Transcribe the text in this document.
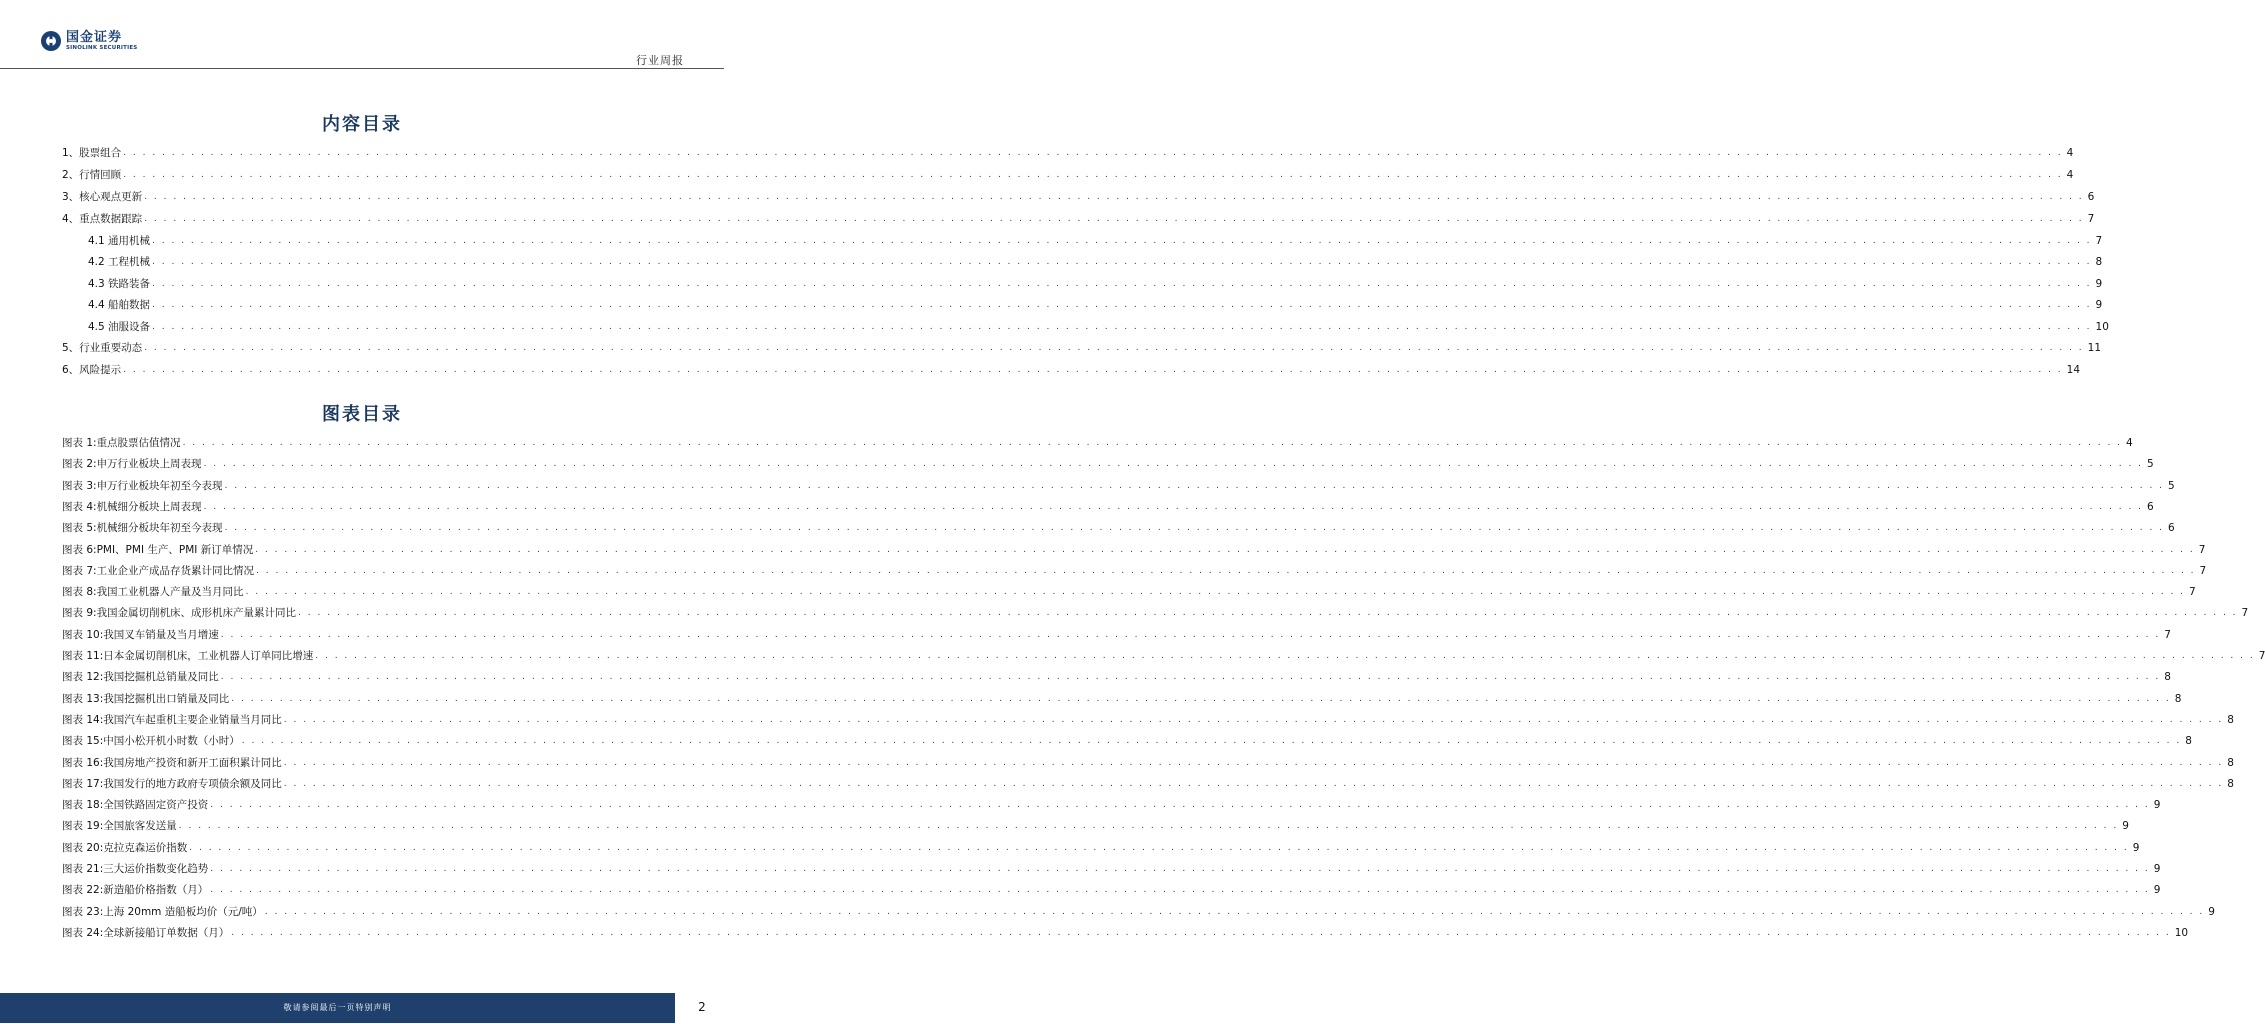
国金证券
SINOLINK SECURITIES
行业周报
内容目录
1、股票组合 . . . . . . . . . . . . . . . . . . . . . . . . . . . . . . . . . . . . . . . . . . . . . . . . . . . . . . . . . . . . . . . . . . . . . . . . . . . . . . . . . . . . . . . . . . . . . . . . . . . . . . . . . . . . . . . . . . . . . . . . . . . . . . . . . . . . . . . . . . . . . . . . . . . . . . . . . . . . . . . . . . . . . . . . . . . . . . . . . . . . . . . . . . . . . . . . . . . . . . . . 4
2、行情回顾 . . . . . . . . . . . . . . . . . . . . . . . . . . . . . . . . . . . . . . . . . . . . . . . . . . . . . . . . . . . . . . . . . . . . . . . . . . . . . . . . . . . . . . . . . . . . . . . . . . . . . . . . . . . . . . . . . . . . . . . . . . . . . . . . . . . . . . . . . . . . . . . . . . . . . . . . . . . . . . . . . . . . . . . . . . . . . . . . . . . . . . . . . . . . . . . . . . . . . . . . 4
3、核心观点更新 . . . . . . . . . . . . . . . . . . . . . . . . . . . . . . . . . . . . . . . . . . . . . . . . . . . . . . . . . . . . . . . . . . . . . . . . . . . . . . . . . . . . . . . . . . . . . . . . . . . . . . . . . . . . . . . . . . . . . . . . . . . . . . . . . . . . . . . . . . . . . . . . . . . . . . . . . . . . . . . . . . . . . . . . . . . . . . . . . . . . . . . . . . . . . . . . . . . . . . . . 6
4、重点数据跟踪 . . . . . . . . . . . . . . . . . . . . . . . . . . . . . . . . . . . . . . . . . . . . . . . . . . . . . . . . . . . . . . . . . . . . . . . . . . . . . . . . . . . . . . . . . . . . . . . . . . . . . . . . . . . . . . . . . . . . . . . . . . . . . . . . . . . . . . . . . . . . . . . . . . . . . . . . . . . . . . . . . . . . . . . . . . . . . . . . . . . . . . . . . . . . . . . . . . . . . . . . 7
4.1 通用机械 . . . . . . . . . . . . . . . . . . . . . . . . . . . . . . . . . . . . . . . . . . . . . . . . . . . . . . . . . . . . . . . . . . . . . . . . . . . . . . . . . . . . . . . . . . . . . . . . . . . . . . . . . . . . . . . . . . . . . . . . . . . . . . . . . . . . . . . . . . . . . . . . . . . . . . . . . . . . . . . . . . . . . . . . . . . . . . . . . . . . . . . . . . . . . . . . . . . . . . . . 7
4.2 工程机械 . . . . . . . . . . . . . . . . . . . . . . . . . . . . . . . . . . . . . . . . . . . . . . . . . . . . . . . . . . . . . . . . . . . . . . . . . . . . . . . . . . . . . . . . . . . . . . . . . . . . . . . . . . . . . . . . . . . . . . . . . . . . . . . . . . . . . . . . . . . . . . . . . . . . . . . . . . . . . . . . . . . . . . . . . . . . . . . . . . . . . . . . . . . . . . . . . . . . . . . . 8
4.3 铁路装备 . . . . . . . . . . . . . . . . . . . . . . . . . . . . . . . . . . . . . . . . . . . . . . . . . . . . . . . . . . . . . . . . . . . . . . . . . . . . . . . . . . . . . . . . . . . . . . . . . . . . . . . . . . . . . . . . . . . . . . . . . . . . . . . . . . . . . . . . . . . . . . . . . . . . . . . . . . . . . . . . . . . . . . . . . . . . . . . . . . . . . . . . . . . . . . . . . . . . . . . . 9
4.4 船舶数据 . . . . . . . . . . . . . . . . . . . . . . . . . . . . . . . . . . . . . . . . . . . . . . . . . . . . . . . . . . . . . . . . . . . . . . . . . . . . . . . . . . . . . . . . . . . . . . . . . . . . . . . . . . . . . . . . . . . . . . . . . . . . . . . . . . . . . . . . . . . . . . . . . . . . . . . . . . . . . . . . . . . . . . . . . . . . . . . . . . . . . . . . . . . . . . . . . . . . . . . . 9
4.5 油服设备 . . . . . . . . . . . . . . . . . . . . . . . . . . . . . . . . . . . . . . . . . . . . . . . . . . . . . . . . . . . . . . . . . . . . . . . . . . . . . . . . . . . . . . . . . . . . . . . . . . . . . . . . . . . . . . . . . . . . . . . . . . . . . . . . . . . . . . . . . . . . . . . . . . . . . . . . . . . . . . . . . . . . . . . . . . . . . . . . . . . . . . . . . . . . . . . . . . . . . . . . 10
5、行业重要动态 . . . . . . . . . . . . . . . . . . . . . . . . . . . . . . . . . . . . . . . . . . . . . . . . . . . . . . . . . . . . . . . . . . . . . . . . . . . . . . . . . . . . . . . . . . . . . . . . . . . . . . . . . . . . . . . . . . . . . . . . . . . . . . . . . . . . . . . . . . . . . . . . . . . . . . . . . . . . . . . . . . . . . . . . . . . . . . . . . . . . . . . . . . . . . . . . . . . . . . . . 11
6、风险提示 . . . . . . . . . . . . . . . . . . . . . . . . . . . . . . . . . . . . . . . . . . . . . . . . . . . . . . . . . . . . . . . . . . . . . . . . . . . . . . . . . . . . . . . . . . . . . . . . . . . . . . . . . . . . . . . . . . . . . . . . . . . . . . . . . . . . . . . . . . . . . . . . . . . . . . . . . . . . . . . . . . . . . . . . . . . . . . . . . . . . . . . . . . . . . . . . . . . . . . . . 14
图表目录
图表 1: 重点股票估值情况 . . . . . . . . . . . . . . . . . . . . . . . . . . . . . . . . . . . . . . . . . . . . . . . . . . . . . . . . . . . . . . . . . . . . . . . . . . . . . . . . . . . . . . . . . . . . . . . . . . . . . . . . . . . . . . . . . . . . . . . . . . . . . . . . . . . . . . . . . . . . . . . . . . . . . . . . . . . . . . . . . . . . . . . . . . . . . . . . . . . . . . . . . . . . . . . . . . . . . . . . 4
图表 2: 申万行业板块上周表现 . . . . . . . . . . . . . . . . . . . . . . . . . . . . . . . . . . . . . . . . . . . . . . . . . . . . . . . . . . . . . . . . . . . . . . . . . . . . . . . . . . . . . . . . . . . . . . . . . . . . . . . . . . . . . . . . . . . . . . . . . . . . . . . . . . . . . . . . . . . . . . . . . . . . . . . . . . . . . . . . . . . . . . . . . . . . . . . . . . . . . . . . . . . . . . . . . . . . . . . . 5
图表 3: 申万行业板块年初至今表现 . . . . . . . . . . . . . . . . . . . . . . . . . . . . . . . . . . . . . . . . . . . . . . . . . . . . . . . . . . . . . . . . . . . . . . . . . . . . . . . . . . . . . . . . . . . . . . . . . . . . . . . . . . . . . . . . . . . . . . . . . . . . . . . . . . . . . . . . . . . . . . . . . . . . . . . . . . . . . . . . . . . . . . . . . . . . . . . . . . . . . . . . . . . . . . . . . . . . . . . . 5
图表 4: 机械细分板块上周表现 . . . . . . . . . . . . . . . . . . . . . . . . . . . . . . . . . . . . . . . . . . . . . . . . . . . . . . . . . . . . . . . . . . . . . . . . . . . . . . . . . . . . . . . . . . . . . . . . . . . . . . . . . . . . . . . . . . . . . . . . . . . . . . . . . . . . . . . . . . . . . . . . . . . . . . . . . . . . . . . . . . . . . . . . . . . . . . . . . . . . . . . . . . . . . . . . . . . . . . . . 6
图表 5: 机械细分板块年初至今表现 . . . . . . . . . . . . . . . . . . . . . . . . . . . . . . . . . . . . . . . . . . . . . . . . . . . . . . . . . . . . . . . . . . . . . . . . . . . . . . . . . . . . . . . . . . . . . . . . . . . . . . . . . . . . . . . . . . . . . . . . . . . . . . . . . . . . . . . . . . . . . . . . . . . . . . . . . . . . . . . . . . . . . . . . . . . . . . . . . . . . . . . . . . . . . . . . . . . . . . . . 6
图表 6: PMI、PMI 生产、PMI 新订单情况 . . . . . . . . . . . . . . . . . . . . . . . . . . . . . . . . . . . . . . . . . . . . . . . . . . . . . . . . . . . . . . . . . . . . . . . . . . . . . . . . . . . . . . . . . . . . . . . . . . . . . . . . . . . . . . . . . . . . . . . . . . . . . . . . . . . . . . . . . . . . . . . . . . . . . . . . . . . . . . . . . . . . . . . . . . . . . . . . . . . . . . . . . . . . . . . . . . . . . . . . 7
图表 7: 工业企业产成品存货累计同比情况 . . . . . . . . . . . . . . . . . . . . . . . . . . . . . . . . . . . . . . . . . . . . . . . . . . . . . . . . . . . . . . . . . . . . . . . . . . . . . . . . . . . . . . . . . . . . . . . . . . . . . . . . . . . . . . . . . . . . . . . . . . . . . . . . . . . . . . . . . . . . . . . . . . . . . . . . . . . . . . . . . . . . . . . . . . . . . . . . . . . . . . . . . . . . . . . . . . . . . . . . 7
图表 8: 我国工业机器人产量及当月同比 . . . . . . . . . . . . . . . . . . . . . . . . . . . . . . . . . . . . . . . . . . . . . . . . . . . . . . . . . . . . . . . . . . . . . . . . . . . . . . . . . . . . . . . . . . . . . . . . . . . . . . . . . . . . . . . . . . . . . . . . . . . . . . . . . . . . . . . . . . . . . . . . . . . . . . . . . . . . . . . . . . . . . . . . . . . . . . . . . . . . . . . . . . . . . . . . . . . . . . . . 7
图表 9: 我国金属切削机床、成形机床产量累计同比 . . . . . . . . . . . . . . . . . . . . . . . . . . . . . . . . . . . . . . . . . . . . . . . . . . . . . . . . . . . . . . . . . . . . . . . . . . . . . . . . . . . . . . . . . . . . . . . . . . . . . . . . . . . . . . . . . . . . . . . . . . . . . . . . . . . . . . . . . . . . . . . . . . . . . . . . . . . . . . . . . . . . . . . . . . . . . . . . . . . . . . . . . . . . . . . . . . . . . . . . 7
图表 10: 我国叉车销量及当月增速 . . . . . . . . . . . . . . . . . . . . . . . . . . . . . . . . . . . . . . . . . . . . . . . . . . . . . . . . . . . . . . . . . . . . . . . . . . . . . . . . . . . . . . . . . . . . . . . . . . . . . . . . . . . . . . . . . . . . . . . . . . . . . . . . . . . . . . . . . . . . . . . . . . . . . . . . . . . . . . . . . . . . . . . . . . . . . . . . . . . . . . . . . . . . . . . . . . . . . . . . 7
图表 11: 日本金属切削机床，工业机器人订单同比增速 . . . . . . . . . . . . . . . . . . . . . . . . . . . . . . . . . . . . . . . . . . . . . . . . . . . . . . . . . . . . . . . . . . . . . . . . . . . . . . . . . . . . . . . . . . . . . . . . . . . . . . . . . . . . . . . . . . . . . . . . . . . . . . . . . . . . . . . . . . . . . . . . . . . . . . . . . . . . . . . . . . . . . . . . . . . . . . . . . . . . . . . . . . . . . . . . . . . . . . . . 7
图表 12: 我国挖掘机总销量及同比 . . . . . . . . . . . . . . . . . . . . . . . . . . . . . . . . . . . . . . . . . . . . . . . . . . . . . . . . . . . . . . . . . . . . . . . . . . . . . . . . . . . . . . . . . . . . . . . . . . . . . . . . . . . . . . . . . . . . . . . . . . . . . . . . . . . . . . . . . . . . . . . . . . . . . . . . . . . . . . . . . . . . . . . . . . . . . . . . . . . . . . . . . . . . . . . . . . . . . . . . 8
图表 13: 我国挖掘机出口销量及同比 . . . . . . . . . . . . . . . . . . . . . . . . . . . . . . . . . . . . . . . . . . . . . . . . . . . . . . . . . . . . . . . . . . . . . . . . . . . . . . . . . . . . . . . . . . . . . . . . . . . . . . . . . . . . . . . . . . . . . . . . . . . . . . . . . . . . . . . . . . . . . . . . . . . . . . . . . . . . . . . . . . . . . . . . . . . . . . . . . . . . . . . . . . . . . . . . . . . . . . . . 8
图表 14: 我国汽车起重机主要企业销量当月同比 . . . . . . . . . . . . . . . . . . . . . . . . . . . . . . . . . . . . . . . . . . . . . . . . . . . . . . . . . . . . . . . . . . . . . . . . . . . . . . . . . . . . . . . . . . . . . . . . . . . . . . . . . . . . . . . . . . . . . . . . . . . . . . . . . . . . . . . . . . . . . . . . . . . . . . . . . . . . . . . . . . . . . . . . . . . . . . . . . . . . . . . . . . . . . . . . . . . . . . . . 8
图表 15: 中国小松开机小时数（小时） . . . . . . . . . . . . . . . . . . . . . . . . . . . . . . . . . . . . . . . . . . . . . . . . . . . . . . . . . . . . . . . . . . . . . . . . . . . . . . . . . . . . . . . . . . . . . . . . . . . . . . . . . . . . . . . . . . . . . . . . . . . . . . . . . . . . . . . . . . . . . . . . . . . . . . . . . . . . . . . . . . . . . . . . . . . . . . . . . . . . . . . . . . . . . . . . . . . . . . . . 8
图表 16: 我国房地产投资和新开工面积累计同比 . . . . . . . . . . . . . . . . . . . . . . . . . . . . . . . . . . . . . . . . . . . . . . . . . . . . . . . . . . . . . . . . . . . . . . . . . . . . . . . . . . . . . . . . . . . . . . . . . . . . . . . . . . . . . . . . . . . . . . . . . . . . . . . . . . . . . . . . . . . . . . . . . . . . . . . . . . . . . . . . . . . . . . . . . . . . . . . . . . . . . . . . . . . . . . . . . . . . . . . . 8
图表 17: 我国发行的地方政府专项债余额及同比 . . . . . . . . . . . . . . . . . . . . . . . . . . . . . . . . . . . . . . . . . . . . . . . . . . . . . . . . . . . . . . . . . . . . . . . . . . . . . . . . . . . . . . . . . . . . . . . . . . . . . . . . . . . . . . . . . . . . . . . . . . . . . . . . . . . . . . . . . . . . . . . . . . . . . . . . . . . . . . . . . . . . . . . . . . . . . . . . . . . . . . . . . . . . . . . . . . . . . . . . 8
图表 18: 全国铁路固定资产投资 . . . . . . . . . . . . . . . . . . . . . . . . . . . . . . . . . . . . . . . . . . . . . . . . . . . . . . . . . . . . . . . . . . . . . . . . . . . . . . . . . . . . . . . . . . . . . . . . . . . . . . . . . . . . . . . . . . . . . . . . . . . . . . . . . . . . . . . . . . . . . . . . . . . . . . . . . . . . . . . . . . . . . . . . . . . . . . . . . . . . . . . . . . . . . . . . . . . . . . . . 9
图表 19: 全国旅客发送量 . . . . . . . . . . . . . . . . . . . . . . . . . . . . . . . . . . . . . . . . . . . . . . . . . . . . . . . . . . . . . . . . . . . . . . . . . . . . . . . . . . . . . . . . . . . . . . . . . . . . . . . . . . . . . . . . . . . . . . . . . . . . . . . . . . . . . . . . . . . . . . . . . . . . . . . . . . . . . . . . . . . . . . . . . . . . . . . . . . . . . . . . . . . . . . . . . . . . . . . . 9
图表 20: 克拉克森运价指数 . . . . . . . . . . . . . . . . . . . . . . . . . . . . . . . . . . . . . . . . . . . . . . . . . . . . . . . . . . . . . . . . . . . . . . . . . . . . . . . . . . . . . . . . . . . . . . . . . . . . . . . . . . . . . . . . . . . . . . . . . . . . . . . . . . . . . . . . . . . . . . . . . . . . . . . . . . . . . . . . . . . . . . . . . . . . . . . . . . . . . . . . . . . . . . . . . . . . . . . . 9
图表 21: 三大运价指数变化趋势 . . . . . . . . . . . . . . . . . . . . . . . . . . . . . . . . . . . . . . . . . . . . . . . . . . . . . . . . . . . . . . . . . . . . . . . . . . . . . . . . . . . . . . . . . . . . . . . . . . . . . . . . . . . . . . . . . . . . . . . . . . . . . . . . . . . . . . . . . . . . . . . . . . . . . . . . . . . . . . . . . . . . . . . . . . . . . . . . . . . . . . . . . . . . . . . . . . . . . . . . 9
图表 22: 新造船价格指数（月） . . . . . . . . . . . . . . . . . . . . . . . . . . . . . . . . . . . . . . . . . . . . . . . . . . . . . . . . . . . . . . . . . . . . . . . . . . . . . . . . . . . . . . . . . . . . . . . . . . . . . . . . . . . . . . . . . . . . . . . . . . . . . . . . . . . . . . . . . . . . . . . . . . . . . . . . . . . . . . . . . . . . . . . . . . . . . . . . . . . . . . . . . . . . . . . . . . . . . . . . 9
图表 23: 上海 20mm 造船板均价（元/吨） . . . . . . . . . . . . . . . . . . . . . . . . . . . . . . . . . . . . . . . . . . . . . . . . . . . . . . . . . . . . . . . . . . . . . . . . . . . . . . . . . . . . . . . . . . . . . . . . . . . . . . . . . . . . . . . . . . . . . . . . . . . . . . . . . . . . . . . . . . . . . . . . . . . . . . . . . . . . . . . . . . . . . . . . . . . . . . . . . . . . . . . . . . . . . . . . . . . . . . . . 9
图表 24: 全球新接船订单数据（月） . . . . . . . . . . . . . . . . . . . . . . . . . . . . . . . . . . . . . . . . . . . . . . . . . . . . . . . . . . . . . . . . . . . . . . . . . . . . . . . . . . . . . . . . . . . . . . . . . . . . . . . . . . . . . . . . . . . . . . . . . . . . . . . . . . . . . . . . . . . . . . . . . . . . . . . . . . . . . . . . . . . . . . . . . . . . . . . . . . . . . . . . . . . . . . . . . . . . . . . . 10
敬请参阅最后一页特别声明	2
